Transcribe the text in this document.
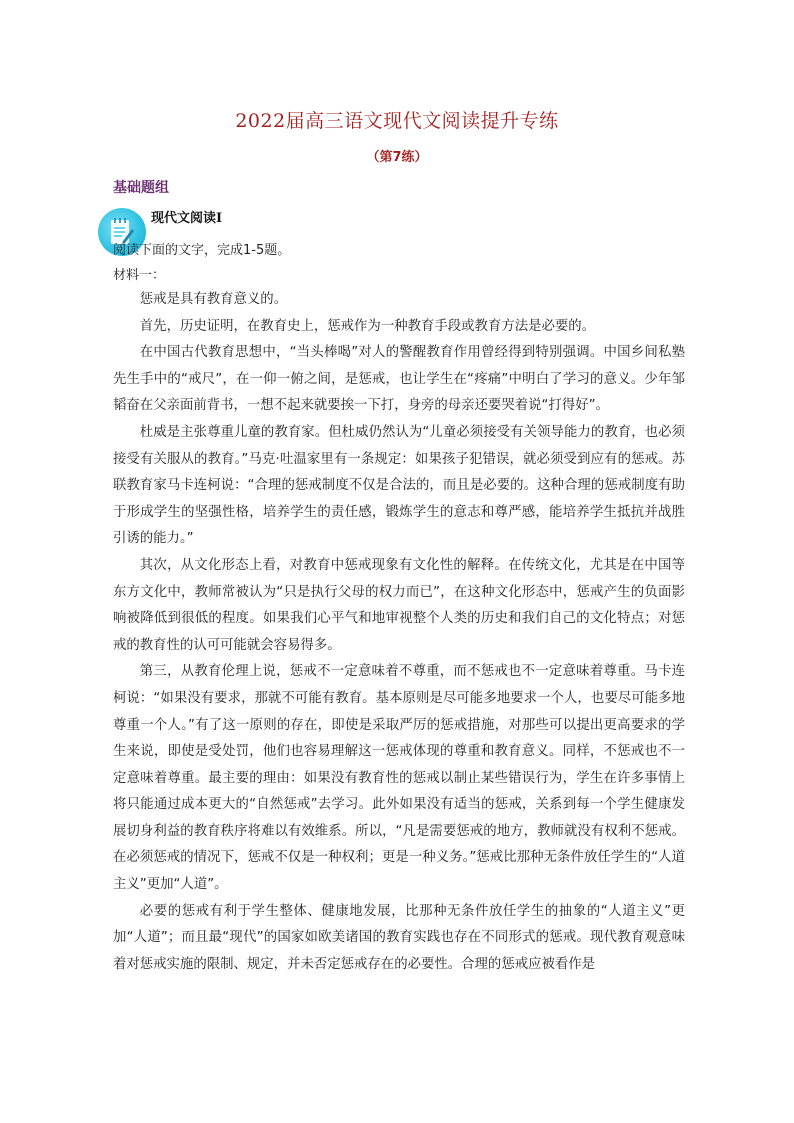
2022届高三语文现代文阅读提升专练
（第7练）
基础题组
现代文阅读Ⅰ
阅读下面的文字，完成1-5题。
材料一：

惩戒是具有教育意义的。

首先，历史证明，在教育史上，惩戒作为一种教育手段或教育方法是必要的。

在中国古代教育思想中，“当头棒喝”对人的警醒教育作用曾经得到特别强调。中国乡间私塾先生手中的“戒尺”，在一仰一俯之间，是惩戒，也让学生在“疼痛”中明白了学习的意义。少年邹韬奋在父亲面前背书，一想不起来就要挨一下打，身旁的母亲还要哭着说“打得好”。

杜威是主张尊重儿童的教育家。但杜威仍然认为“儿童必须接受有关领导能力的教育，也必须接受有关服从的教育。”马克·吐温家里有一条规定：如果孩子犯错误，就必须受到应有的惩戒。苏联教育家马卡连柯说：“合理的惩戒制度不仅是合法的，而且是必要的。这种合理的惩戒制度有助于形成学生的坚强性格，培养学生的责任感，锻炼学生的意志和尊严感，能培养学生抵抗并战胜引诱的能力。”

其次，从文化形态上看，对教育中惩戒现象有文化性的解释。在传统文化，尤其是在中国等东方文化中，教师常被认为“只是执行父母的权力而已”，在这种文化形态中，惩戒产生的负面影响被降低到很低的程度。如果我们心平气和地审视整个人类的历史和我们自己的文化特点；对惩戒的教育性的认可可能就会容易得多。

第三，从教育伦理上说，惩戒不一定意味着不尊重，而不惩戒也不一定意味着尊重。马卡连柯说：“如果没有要求，那就不可能有教育。基本原则是尽可能多地要求一个人，也要尽可能多地尊重一个人。”有了这一原则的存在，即使是采取严厉的惩戒措施，对那些可以提出更高要求的学生来说，即使是受处罚，他们也容易理解这一惩戒体现的尊重和教育意义。同样，不惩戒也不一定意味着尊重。最主要的理由：如果没有教育性的惩戒以制止某些错误行为，学生在许多事情上将只能通过成本更大的“自然惩戒”去学习。此外如果没有适当的惩戒，关系到每一个学生健康发展切身利益的教育秩序将难以有效维系。所以，“凡是需要惩戒的地方，教师就没有权利不惩戒。在必须惩戒的情况下，惩戒不仅是一种权利；更是一种义务。”惩戒比那种无条件放任学生的“人道主义”更加“人道”。

必要的惩戒有利于学生整体、健康地发展，比那种无条件放任学生的抽象的“人道主义”更加“人道”；而且最“现代”的国家如欧美诸国的教育实践也存在不同形式的惩戒。现代教育观意味着对惩戒实施的限制、规定，并未否定惩戒存在的必要性。合理的惩戒应被看作是
